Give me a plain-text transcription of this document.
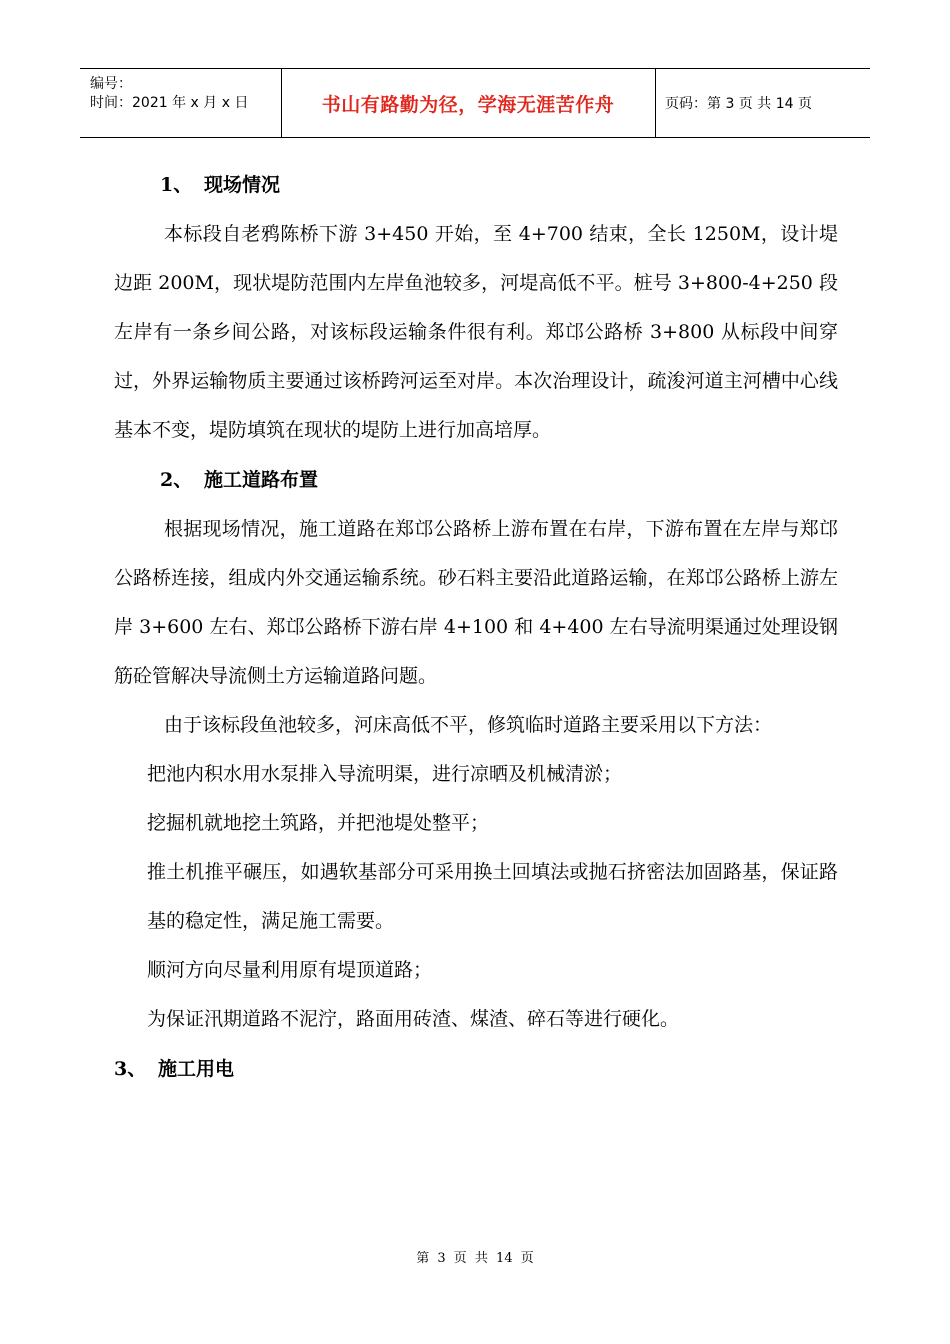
编号：
时间：2021 年 x 月 x 日	书山有路勤为径，学海无涯苦作舟	页码：第 3 页 共 14 页

1、 现场情况

本标段自老鸦陈桥下游 3+450 开始，至 4+700 结束，全长 1250M，设计堤边距 200M，现状堤防范围内左岸鱼池较多，河堤高低不平。桩号 3+800-4+250 段左岸有一条乡间公路，对该标段运输条件很有利。郑邙公路桥 3+800 从标段中间穿过，外界运输物质主要通过该桥跨河运至对岸。本次治理设计，疏浚河道主河槽中心线基本不变，堤防填筑在现状的堤防上进行加高培厚。

2、 施工道路布置

根据现场情况，施工道路在郑邙公路桥上游布置在右岸，下游布置在左岸与郑邙公路桥连接，组成内外交通运输系统。砂石料主要沿此道路运输，在郑邙公路桥上游左岸 3+600 左右、郑邙公路桥下游右岸 4+100 和 4+400 左右导流明渠通过处理设钢筋砼管解决导流侧土方运输道路问题。

由于该标段鱼池较多，河床高低不平，修筑临时道路主要采用以下方法：

把池内积水用水泵排入导流明渠，进行凉晒及机械清淤；

挖掘机就地挖土筑路，并把池堤处整平；

推土机推平碾压，如遇软基部分可采用换土回填法或抛石挤密法加固路基，保证路基的稳定性，满足施工需要。

顺河方向尽量利用原有堤顶道路；

为保证汛期道路不泥泞，路面用砖渣、煤渣、碎石等进行硬化。

3、 施工用电

第 3 页 共 14 页
